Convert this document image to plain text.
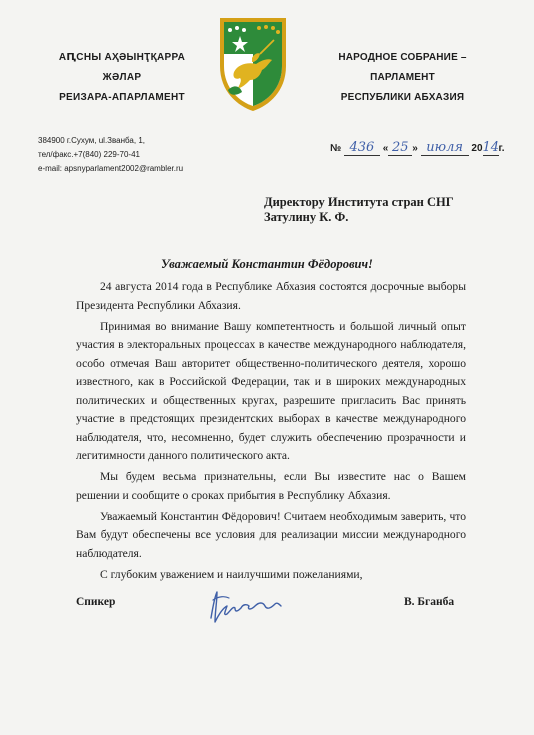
АԤСНЫ АҲӘЫНҬҚАРРА
ЖӘЛАР
РЕИЗАРА-АПАРЛАМЕНТ
НАРОДНОЕ СОБРАНИЕ –
ПАРЛАМЕНТ
РЕСПУБЛИКИ АБХАЗИЯ
384900 г.Сухум, ul.Званба, 1,
тел/факс.+7(840) 229-70-41
e-mail: apsnyparlament2002@rambler.ru
№ 436 « 25 » июля 2014г.
Директору Института стран СНГ
Затулину К. Ф.
Уважаемый Константин Фёдорович!

24 августа 2014 года в Республике Абхазия состоятся досрочные выборы Президента Республики Абхазия.

Принимая во внимание Вашу компетентность и большой личный опыт участия в электоральных процессах в качестве международного наблюдателя, особо отмечая Ваш авторитет общественно-политического деятеля, хорошо известного, как в Российской Федерации, так и в широких международных политических и общественных кругах, разрешите пригласить Вас принять участие в предстоящих президентских выборах в качестве международного наблюдателя, что, несомненно, будет служить обеспечению прозрачности и легитимности данного политического акта.

Мы будем весьма признательны, если Вы известите нас о Вашем решении и сообщите о сроках прибытия в Республику Абхазия.

Уважаемый Константин Фёдорович! Считаем необходимым заверить, что Вам будут обеспечены все условия для реализации миссии международного наблюдателя.

С глубоким уважением и наилучшими пожеланиями,

Спикер	В. Бганба
